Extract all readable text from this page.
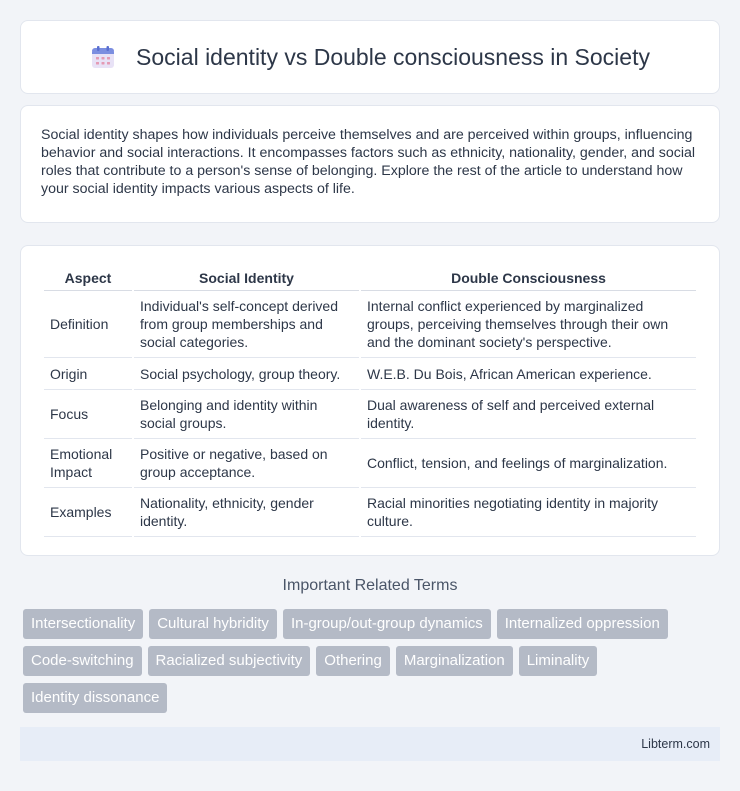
Social identity vs Double consciousness in Society

Social identity shapes how individuals perceive themselves and are perceived within groups, influencing behavior and social interactions. It encompasses factors such as ethnicity, nationality, gender, and social roles that contribute to a person's sense of belonging. Explore the rest of the article to understand how your social identity impacts various aspects of life.

Aspect	Social Identity	Double Consciousness
Definition	Individual's self-concept derived from group memberships and social categories.	Internal conflict experienced by marginalized groups, perceiving themselves through their own and the dominant society's perspective.
Origin	Social psychology, group theory.	W.E.B. Du Bois, African American experience.
Focus	Belonging and identity within social groups.	Dual awareness of self and perceived external identity.
Emotional Impact	Positive or negative, based on group acceptance.	Conflict, tension, and feelings of marginalization.
Examples	Nationality, ethnicity, gender identity.	Racial minorities negotiating identity in majority culture.
Important Related Terms
Intersectionality	Cultural hybridity	In-group/out-group dynamics	Internalized oppression
Code-switching	Racialized subjectivity	Othering	Marginalization	Liminality
Identity dissonance
Libterm.com
